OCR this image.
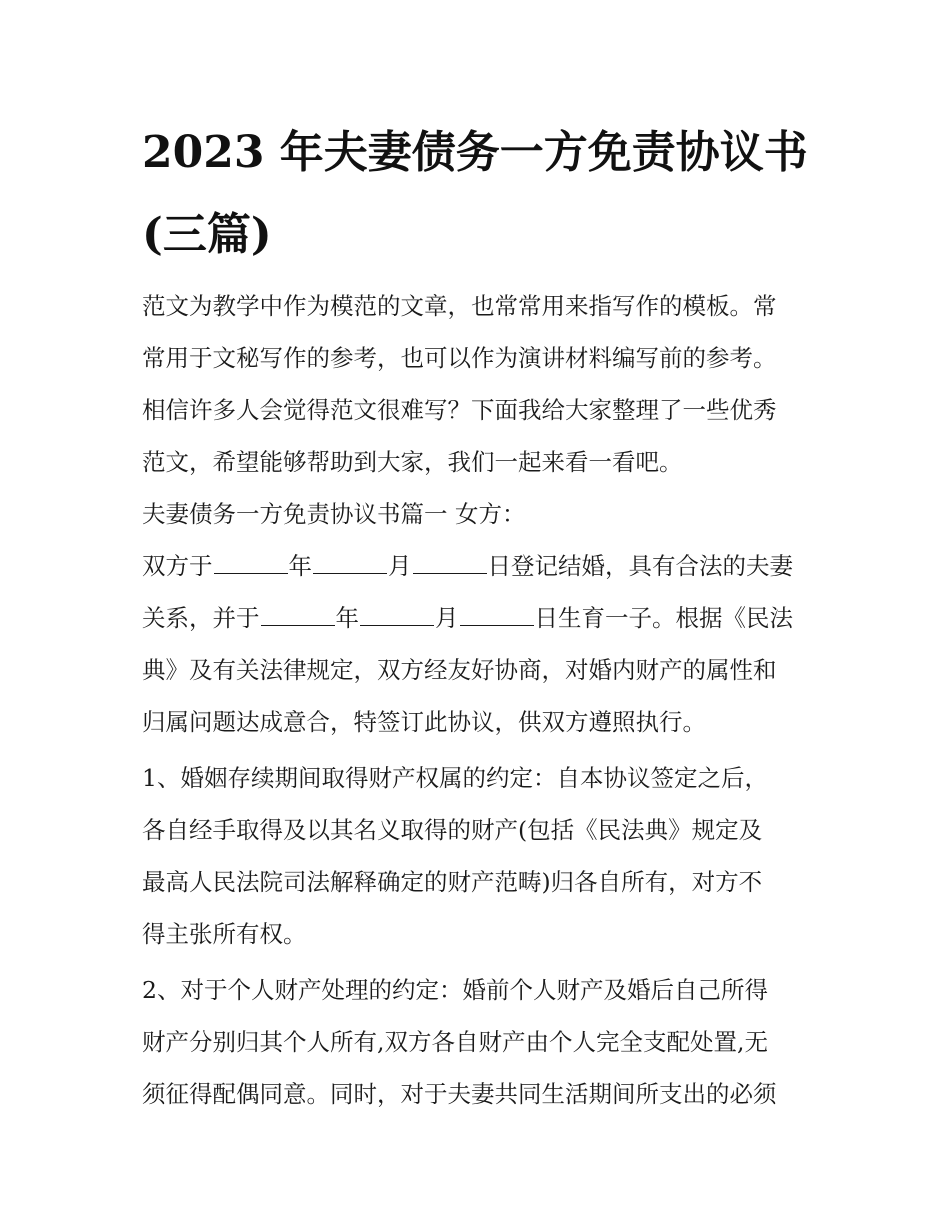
2023 年夫妻债务一方免责协议书(三篇)
范文为教学中作为模范的文章，也常常用来指写作的模板。常
常用于文秘写作的参考，也可以作为演讲材料编写前的参考。
相信许多人会觉得范文很难写？下面我给大家整理了一些优秀
范文，希望能够帮助到大家，我们一起来看一看吧。
夫妻债务一方免责协议书篇一 女方：
双方于	年	月	日登记结婚，具有合法的夫妻
关系，并于	年	月	日生育一子。根据《民法
典》及有关法律规定，双方经友好协商，对婚内财产的属性和
归属问题达成意合，特签订此协议，供双方遵照执行。
1、婚姻存续期间取得财产权属的约定：自本协议签定之后，
各自经手取得及以其名义取得的财产(包括《民法典》规定及
最高人民法院司法解释确定的财产范畴)归各自所有，对方不
得主张所有权。
2、对于个人财产处理的约定：婚前个人财产及婚后自己所得
财产分别归其个人所有,双方各自财产由个人完全支配处置,无
须征得配偶同意。同时，对于夫妻共同生活期间所支出的必须
